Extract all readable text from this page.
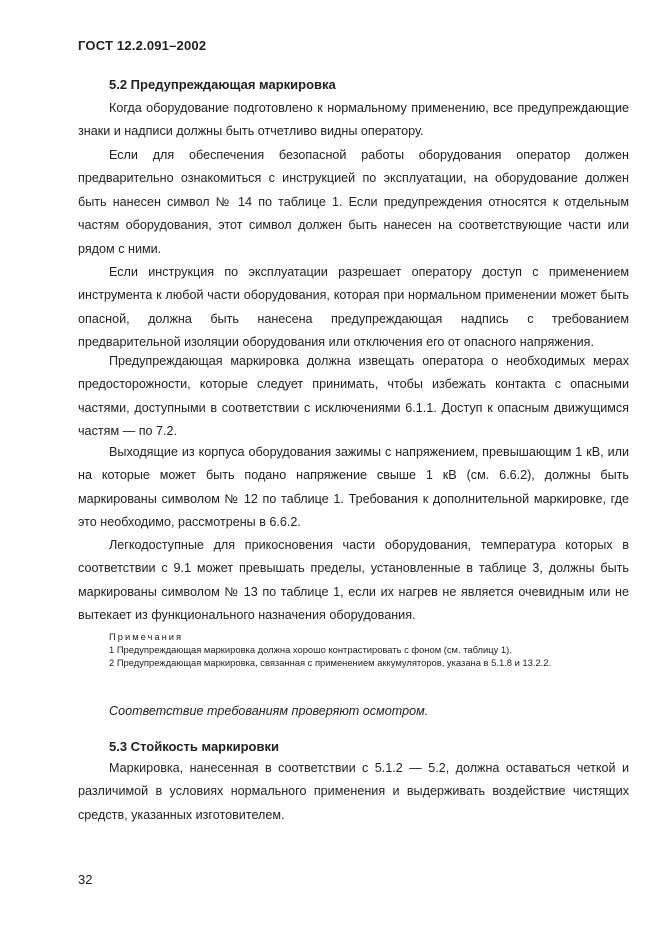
ГОСТ 12.2.091–2002
5.2 Предупреждающая маркировка
Когда оборудование подготовлено к нормальному применению, все предупреждающие знаки и надписи должны быть отчетливо видны оператору.
Если для обеспечения безопасной работы оборудования оператор должен предварительно ознакомиться с инструкцией по эксплуатации, на оборудование должен быть нанесен символ № 14 по таблице 1. Если предупреждения относятся к отдельным частям оборудования, этот символ должен быть нанесен на соответствующие части или рядом с ними.
Если инструкция по эксплуатации разрешает оператору доступ с применением инструмента к любой части оборудования, которая при нормальном применении может быть опасной, должна быть нанесена предупреждающая надпись с требованием предварительной изоляции оборудования или отключения его от опасного напряжения.
Предупреждающая маркировка должна извещать оператора о необходимых мерах предосторожности, которые следует принимать, чтобы избежать контакта с опасными частями, доступными в соответствии с исключениями 6.1.1. Доступ к опасным движущимся частям — по 7.2.
Выходящие из корпуса оборудования зажимы с напряжением, превышающим 1 кВ, или на которые может быть подано напряжение свыше 1 кВ (см. 6.6.2), должны быть маркированы символом № 12 по таблице 1. Требования к дополнительной маркировке, где это необходимо, рассмотрены в 6.6.2.
Легкодоступные для прикосновения части оборудования, температура которых в соответствии с 9.1 может превышать пределы, установленные в таблице 3, должны быть маркированы символом № 13 по таблице 1, если их нагрев не является очевидным или не вытекает из функционального назначения оборудования.
Примечания
1 Предупреждающая маркировка должна хорошо контрастировать с фоном (см. таблицу 1).
2 Предупреждающая маркировка, связанная с применением аккумуляторов, указана в 5.1.8 и 13.2.2.
Соответствие требованиям проверяют осмотром.
5.3 Стойкость маркировки
Маркировка, нанесенная в соответствии с 5.1.2 — 5.2, должна оставаться четкой и различимой в условиях нормального применения и выдерживать воздействие чистящих средств, указанных изготовителем.
32
